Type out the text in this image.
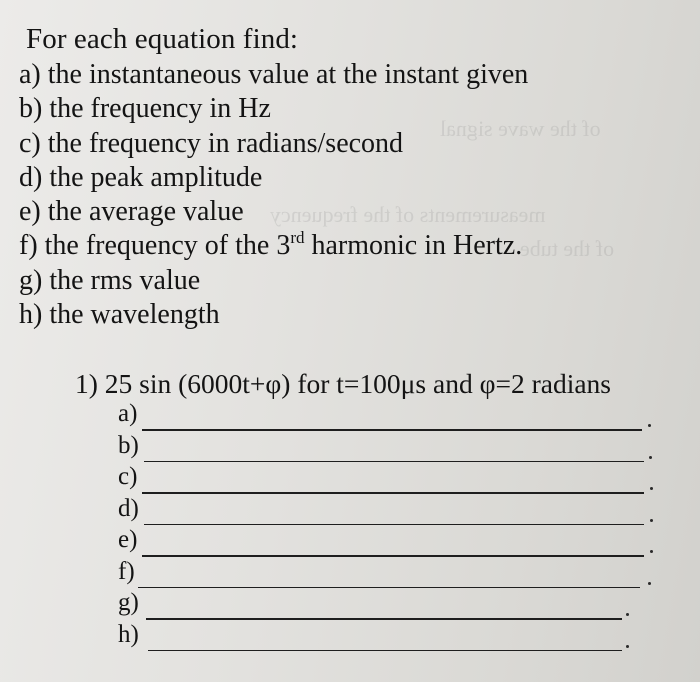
measurements of the frequency
of the tube
of the wave signal
For each equation find:
a) the instantaneous value at the instant given
b) the frequency in Hz
c) the frequency in radians/second
d) the peak amplitude
e) the average value
f) the frequency of the 3rd harmonic in Hertz.
g) the rms value
h) the wavelength
1) 25 sin (6000t+φ) for t=100μs and φ=2 radians
a)
b)
c)
d)
e)
f)
g)
h)
